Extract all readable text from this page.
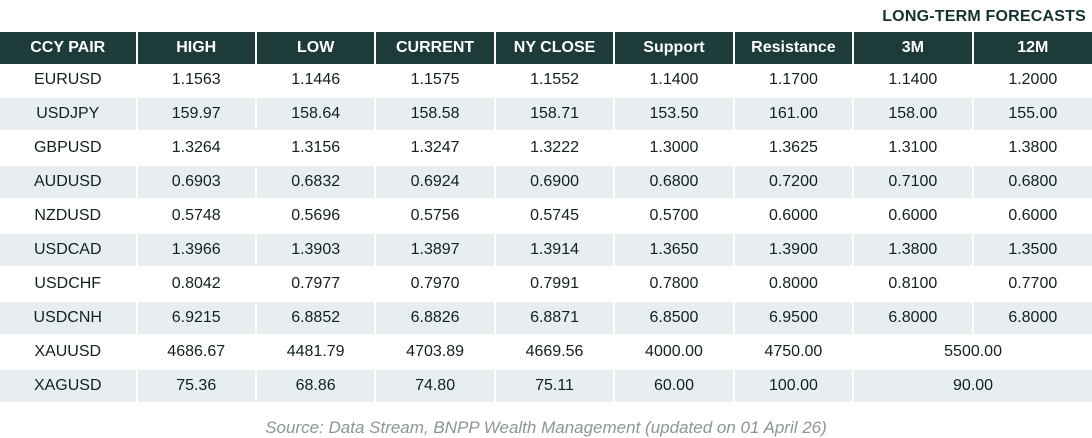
LONG-TERM FORECASTS
CCY PAIR	HIGH	LOW	CURRENT	NY CLOSE	Support	Resistance	3M	12M
EURUSD	1.1563	1.1446	1.1575	1.1552	1.1400	1.1700	1.1400	1.2000
USDJPY	159.97	158.64	158.58	158.71	153.50	161.00	158.00	155.00
GBPUSD	1.3264	1.3156	1.3247	1.3222	1.3000	1.3625	1.3100	1.3800
AUDUSD	0.6903	0.6832	0.6924	0.6900	0.6800	0.7200	0.7100	0.6800
NZDUSD	0.5748	0.5696	0.5756	0.5745	0.5700	0.6000	0.6000	0.6000
USDCAD	1.3966	1.3903	1.3897	1.3914	1.3650	1.3900	1.3800	1.3500
USDCHF	0.8042	0.7977	0.7970	0.7991	0.7800	0.8000	0.8100	0.7700
USDCNH	6.9215	6.8852	6.8826	6.8871	6.8500	6.9500	6.8000	6.8000
XAUUSD	4686.67	4481.79	4703.89	4669.56	4000.00	4750.00	5500.00	
XAGUSD	75.36	68.86	74.80	75.11	60.00	100.00	90.00	
Source: Data Stream, BNPP Wealth Management (updated on 01 April 26)
